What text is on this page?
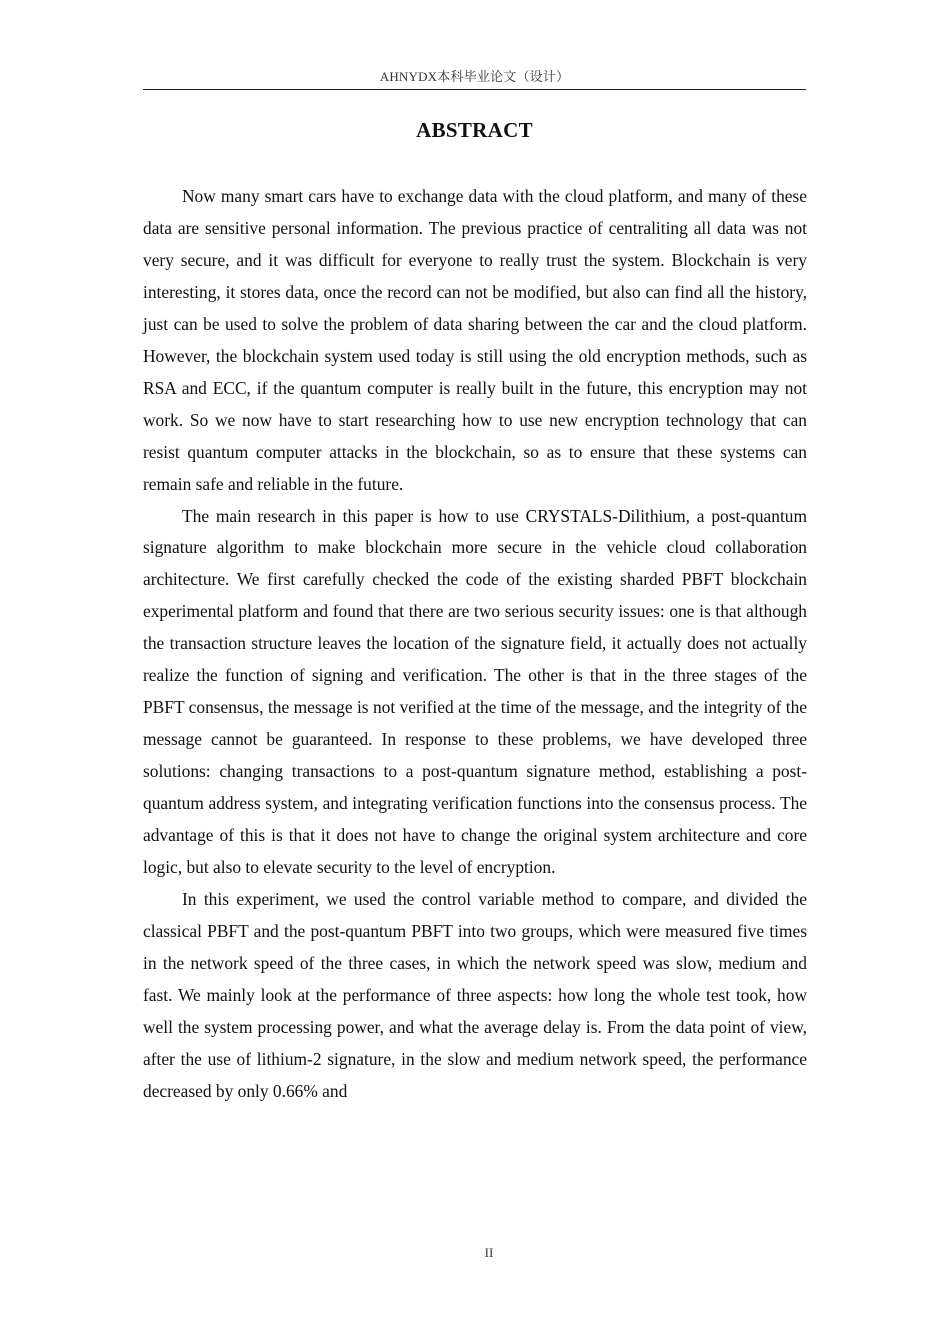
AHNYDX本科毕业论文（设计）
ABSTRACT

Now many smart cars have to exchange data with the cloud platform, and many of these data are sensitive personal information. The previous practice of centraliting all data was not very secure, and it was difficult for everyone to really trust the system. Blockchain is very interesting, it stores data, once the record can not be modified, but also can find all the history, just can be used to solve the problem of data sharing between the car and the cloud platform. However, the blockchain system used today is still using the old encryption methods, such as RSA and ECC, if the quantum computer is really built in the future, this encryption may not work. So we now have to start researching how to use new encryption technology that can resist quantum computer attacks in the blockchain, so as to ensure that these systems can remain safe and reliable in the future.

The main research in this paper is how to use CRYSTALS-Dilithium, a post-quantum signature algorithm to make blockchain more secure in the vehicle cloud collaboration architecture. We first carefully checked the code of the existing sharded PBFT blockchain experimental platform and found that there are two serious security issues: one is that although the transaction structure leaves the location of the signature field, it actually does not actually realize the function of signing and verification. The other is that in the three stages of the PBFT consensus, the message is not verified at the time of the message, and the integrity of the message cannot be guaranteed. In response to these problems, we have developed three solutions: changing transactions to a post-quantum signature method, establishing a post-quantum address system, and integrating verification functions into the consensus process. The advantage of this is that it does not have to change the original system architecture and core logic, but also to elevate security to the level of encryption.

In this experiment, we used the control variable method to compare, and divided the classical PBFT and the post-quantum PBFT into two groups, which were measured five times in the network speed of the three cases, in which the network speed was slow, medium and fast. We mainly look at the performance of three aspects: how long the whole test took, how well the system processing power, and what the average delay is. From the data point of view, after the use of lithium-2 signature, in the slow and medium network speed, the performance decreased by only 0.66% and

II
